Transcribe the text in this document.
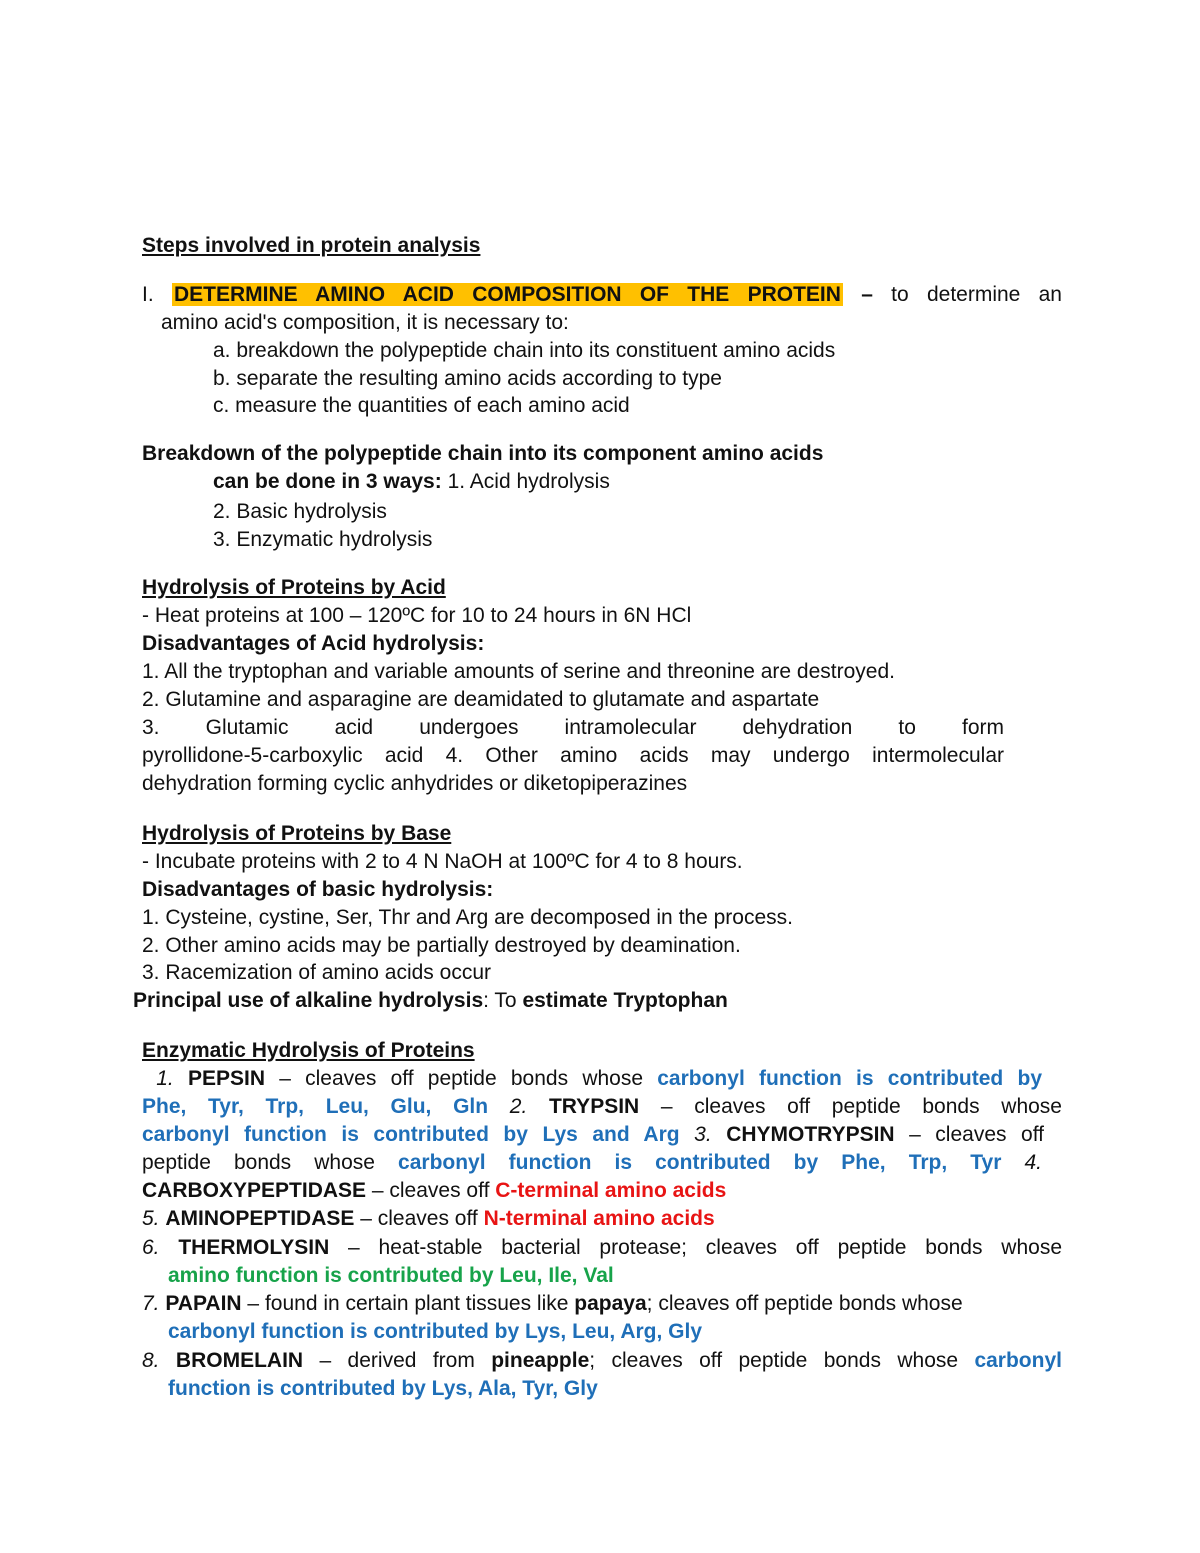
Steps involved in protein analysis
I. DETERMINE AMINO ACID COMPOSITION OF THE PROTEIN – to determine an
amino acid's composition, it is necessary to:
a. breakdown the polypeptide chain into its constituent amino acids
b. separate the resulting amino acids according to type
c. measure the quantities of each amino acid
Breakdown of the polypeptide chain into its component amino acids
can be done in 3 ways: 1. Acid hydrolysis
2. Basic hydrolysis
3. Enzymatic hydrolysis
Hydrolysis of Proteins by Acid
- Heat proteins at 100 – 120ºC for 10 to 24 hours in 6N HCl
Disadvantages of Acid hydrolysis:
1. All the tryptophan and variable amounts of serine and threonine are destroyed.
2. Glutamine and asparagine are deamidated to glutamate and aspartate
3. Glutamic acid undergoes intramolecular dehydration to form
pyrollidone-5-carboxylic acid 4. Other amino acids may undergo intermolecular
dehydration forming cyclic anhydrides or diketopiperazines
Hydrolysis of Proteins by Base
- Incubate proteins with 2 to 4 N NaOH at 100ºC for 4 to 8 hours.
Disadvantages of basic hydrolysis:
1. Cysteine, cystine, Ser, Thr and Arg are decomposed in the process.
2. Other amino acids may be partially destroyed by deamination.
3. Racemization of amino acids occur
Principal use of alkaline hydrolysis: To estimate Tryptophan
Enzymatic Hydrolysis of Proteins
1. PEPSIN – cleaves off peptide bonds whose carbonyl function is contributed by
Phe, Tyr, Trp, Leu, Glu, Gln 2. TRYPSIN – cleaves off peptide bonds whose
carbonyl function is contributed by Lys and Arg 3. CHYMOTRYPSIN – cleaves off
peptide bonds whose carbonyl function is contributed by Phe, Trp, Tyr 4.
CARBOXYPEPTIDASE – cleaves off C-terminal amino acids
5. AMINOPEPTIDASE – cleaves off N-terminal amino acids
6. THERMOLYSIN – heat-stable bacterial protease; cleaves off peptide bonds whose
amino function is contributed by Leu, Ile, Val
7. PAPAIN – found in certain plant tissues like papaya; cleaves off peptide bonds whose
carbonyl function is contributed by Lys, Leu, Arg, Gly
8. BROMELAIN – derived from pineapple; cleaves off peptide bonds whose carbonyl
function is contributed by Lys, Ala, Tyr, Gly
